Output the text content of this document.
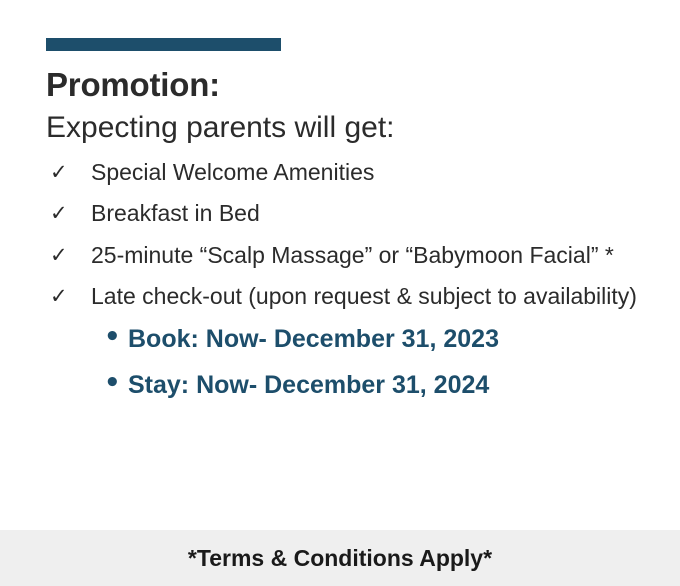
Promotion:
Expecting parents will get:
✓ Special Welcome Amenities
✓ Breakfast in Bed
✓ 25-minute “Scalp Massage” or “Babymoon Facial” *
✓ Late check-out (upon request & subject to availability)
• Book: Now- December 31, 2023
• Stay: Now- December 31, 2024
*Terms & Conditions Apply*
